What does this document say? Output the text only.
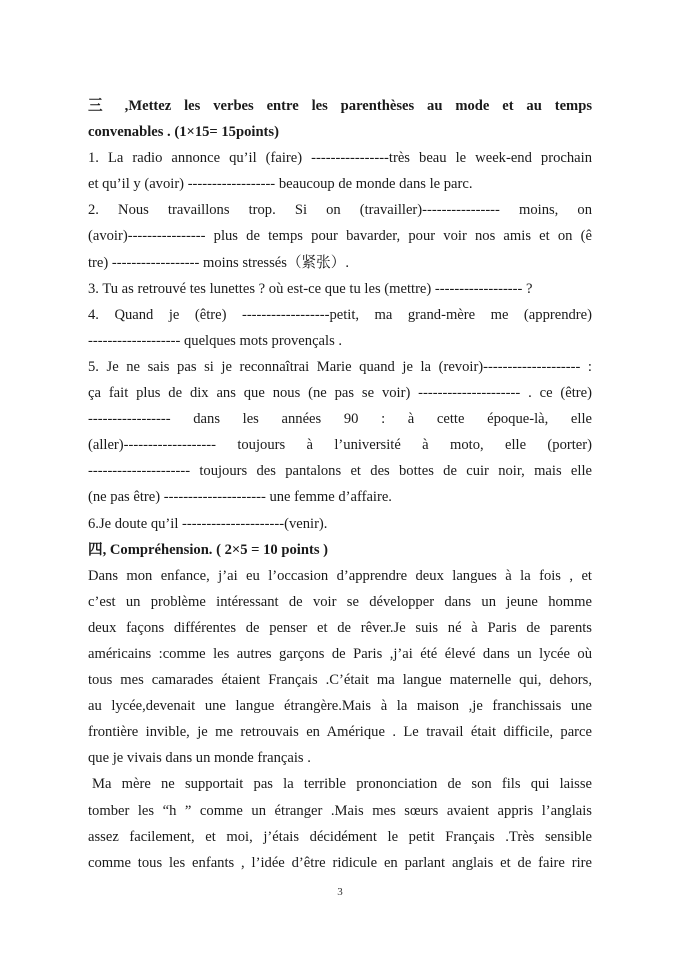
三 ,Mettez les verbes entre les parenthèses au mode et au temps
convenables . (1×15= 15points)
1. La radio annonce qu’il (faire) ----------------très beau le week-end prochain
et qu’il y (avoir) ------------------ beaucoup de monde dans le parc.
2. Nous travaillons trop. Si on (travailler)---------------- moins, on
(avoir)---------------- plus de temps pour bavarder, pour voir nos amis et on (ê
tre) ------------------ moins stressés（紧张）.
3. Tu as retrouvé tes lunettes ? où est-ce que tu les (mettre) ------------------ ?
4. Quand je (être) ------------------petit, ma grand-mère me (apprendre)
------------------- quelques mots provençals .
5. Je ne sais pas si je reconnaîtrai Marie quand je la (revoir)-------------------- :
ça fait plus de dix ans que nous (ne pas se voir) --------------------- . ce (être)
----------------- dans les années 90 : à cette époque-là, elle
(aller)------------------- toujours à l’université à moto, elle (porter)
--------------------- toujours des pantalons et des bottes de cuir noir, mais elle
(ne pas être) --------------------- une femme d’affaire.
6.Je doute qu’il ---------------------(venir).
四, Compréhension. ( 2×5 = 10 points )
Dans mon enfance, j’ai eu l’occasion d’apprendre deux langues à la fois , et
c’est un problème intéressant de voir se développer dans un jeune homme
deux façons différentes de penser et de rêver.Je suis né à Paris de parents
américains :comme les autres garçons de Paris ,j’ai été élevé dans un lycée où
tous mes camarades étaient Français .C’était ma langue maternelle qui, dehors,
au lycée,devenait une langue étrangère.Mais à la maison ,je franchissais une
frontière invible, je me retrouvais en Amérique . Le travail était difficile, parce
que je vivais dans un monde français .
Ma mère ne supportait pas la terrible prononciation de son fils qui laisse
tomber les “h ” comme un étranger .Mais mes sœurs avaient appris l’anglais
assez facilement, et moi, j’étais décidément le petit Français .Très sensible
comme tous les enfants , l’idée d’être ridicule en parlant anglais et de faire rire
3
